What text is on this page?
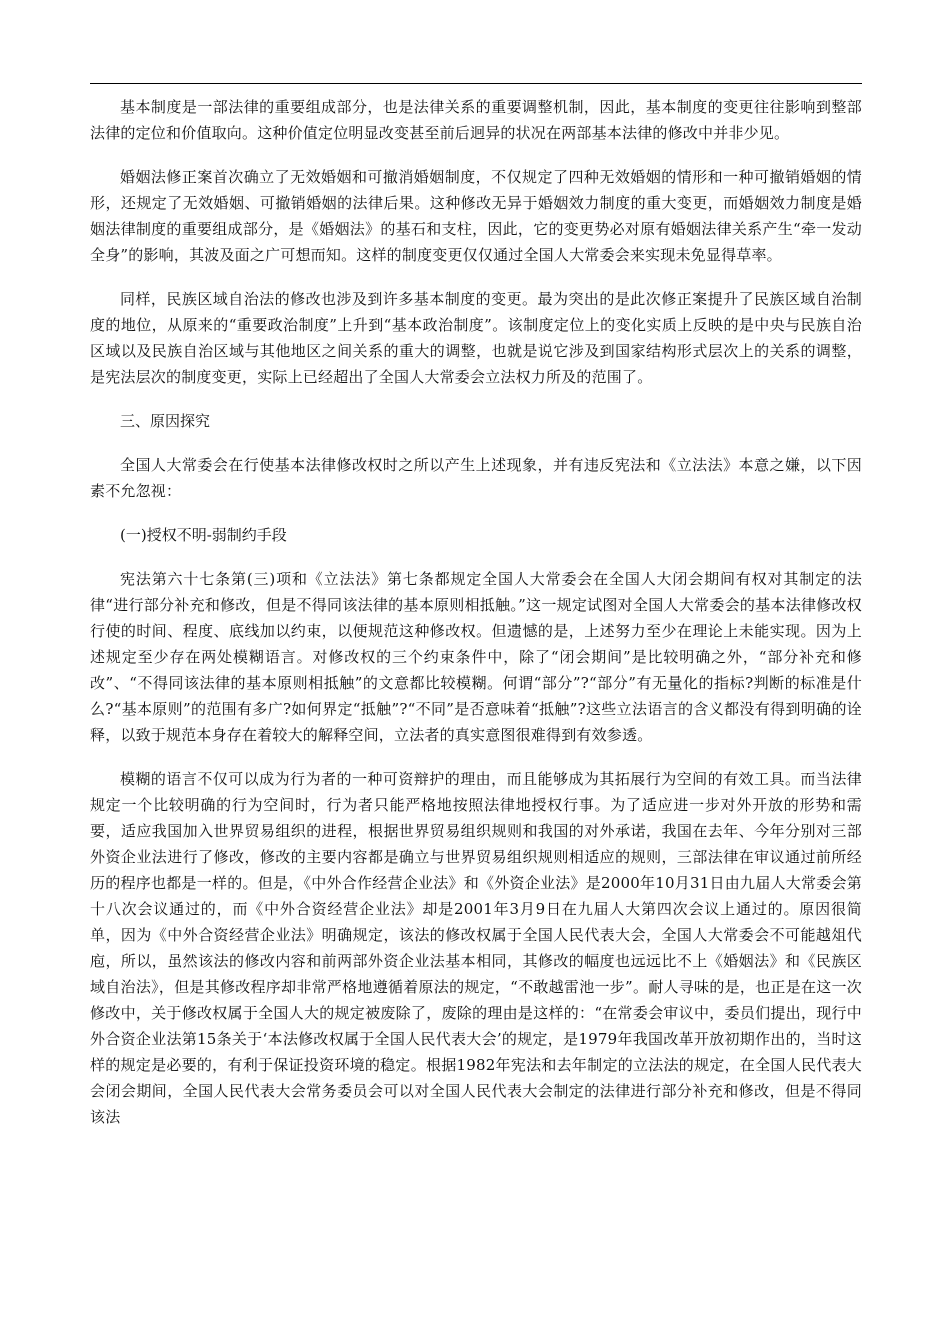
基本制度是一部法律的重要组成部分，也是法律关系的重要调整机制，因此，基本制度的变更往往影响到整部法律的定位和价值取向。这种价值定位明显改变甚至前后迥异的状况在两部基本法律的修改中并非少见。

婚姻法修正案首次确立了无效婚姻和可撤消婚姻制度，不仅规定了四种无效婚姻的情形和一种可撤销婚姻的情形，还规定了无效婚姻、可撤销婚姻的法律后果。这种修改无异于婚姻效力制度的重大变更，而婚姻效力制度是婚姻法律制度的重要组成部分，是《婚姻法》的基石和支柱，因此，它的变更势必对原有婚姻法律关系产生“牵一发动全身”的影响，其波及面之广可想而知。这样的制度变更仅仅通过全国人大常委会来实现未免显得草率。

同样，民族区域自治法的修改也涉及到许多基本制度的变更。最为突出的是此次修正案提升了民族区域自治制度的地位，从原来的“重要政治制度”上升到“基本政治制度”。该制度定位上的变化实质上反映的是中央与民族自治区域以及民族自治区域与其他地区之间关系的重大的调整，也就是说它涉及到国家结构形式层次上的关系的调整，是宪法层次的制度变更，实际上已经超出了全国人大常委会立法权力所及的范围了。

三、原因探究

全国人大常委会在行使基本法律修改权时之所以产生上述现象，并有违反宪法和《立法法》本意之嫌，以下因素不允忽视：

(一)授权不明-弱制约手段

宪法第六十七条第(三)项和《立法法》第七条都规定全国人大常委会在全国人大闭会期间有权对其制定的法律“进行部分补充和修改，但是不得同该法律的基本原则相抵触。”这一规定试图对全国人大常委会的基本法律修改权行使的时间、程度、底线加以约束，以便规范这种修改权。但遗憾的是，上述努力至少在理论上未能实现。因为上述规定至少存在两处模糊语言。对修改权的三个约束条件中，除了“闭会期间”是比较明确之外，“部分补充和修改”、“不得同该法律的基本原则相抵触”的文意都比较模糊。何谓“部分”?“部分”有无量化的指标?判断的标准是什么?“基本原则”的范围有多广?如何界定“抵触”?“不同”是否意味着“抵触”?这些立法语言的含义都没有得到明确的诠释，以致于规范本身存在着较大的解释空间，立法者的真实意图很难得到有效参透。

模糊的语言不仅可以成为行为者的一种可资辩护的理由，而且能够成为其拓展行为空间的有效工具。而当法律规定一个比较明确的行为空间时，行为者只能严格地按照法律地授权行事。为了适应进一步对外开放的形势和需要，适应我国加入世界贸易组织的进程，根据世界贸易组织规则和我国的对外承诺，我国在去年、今年分别对三部外资企业法进行了修改，修改的主要内容都是确立与世界贸易组织规则相适应的规则，三部法律在审议通过前所经历的程序也都是一样的。但是，《中外合作经营企业法》和《外资企业法》是2000年10月31日由九届人大常委会第十八次会议通过的，而《中外合资经营企业法》却是2001年3月9日在九届人大第四次会议上通过的。原因很简单，因为《中外合资经营企业法》明确规定，该法的修改权属于全国人民代表大会，全国人大常委会不可能越俎代庖，所以，虽然该法的修改内容和前两部外资企业法基本相同，其修改的幅度也远远比不上《婚姻法》和《民族区域自治法》，但是其修改程序却非常严格地遵循着原法的规定，“不敢越雷池一步”。耐人寻味的是，也正是在这一次修改中，关于修改权属于全国人大的规定被废除了，废除的理由是这样的：“在常委会审议中，委员们提出，现行中外合资企业法第15条关于‘本法修改权属于全国人民代表大会’的规定，是1979年我国改革开放初期作出的，当时这样的规定是必要的，有利于保证投资环境的稳定。根据1982年宪法和去年制定的立法法的规定，在全国人民代表大会闭会期间，全国人民代表大会常务委员会可以对全国人民代表大会制定的法律进行部分补充和修改，但是不得同该法
